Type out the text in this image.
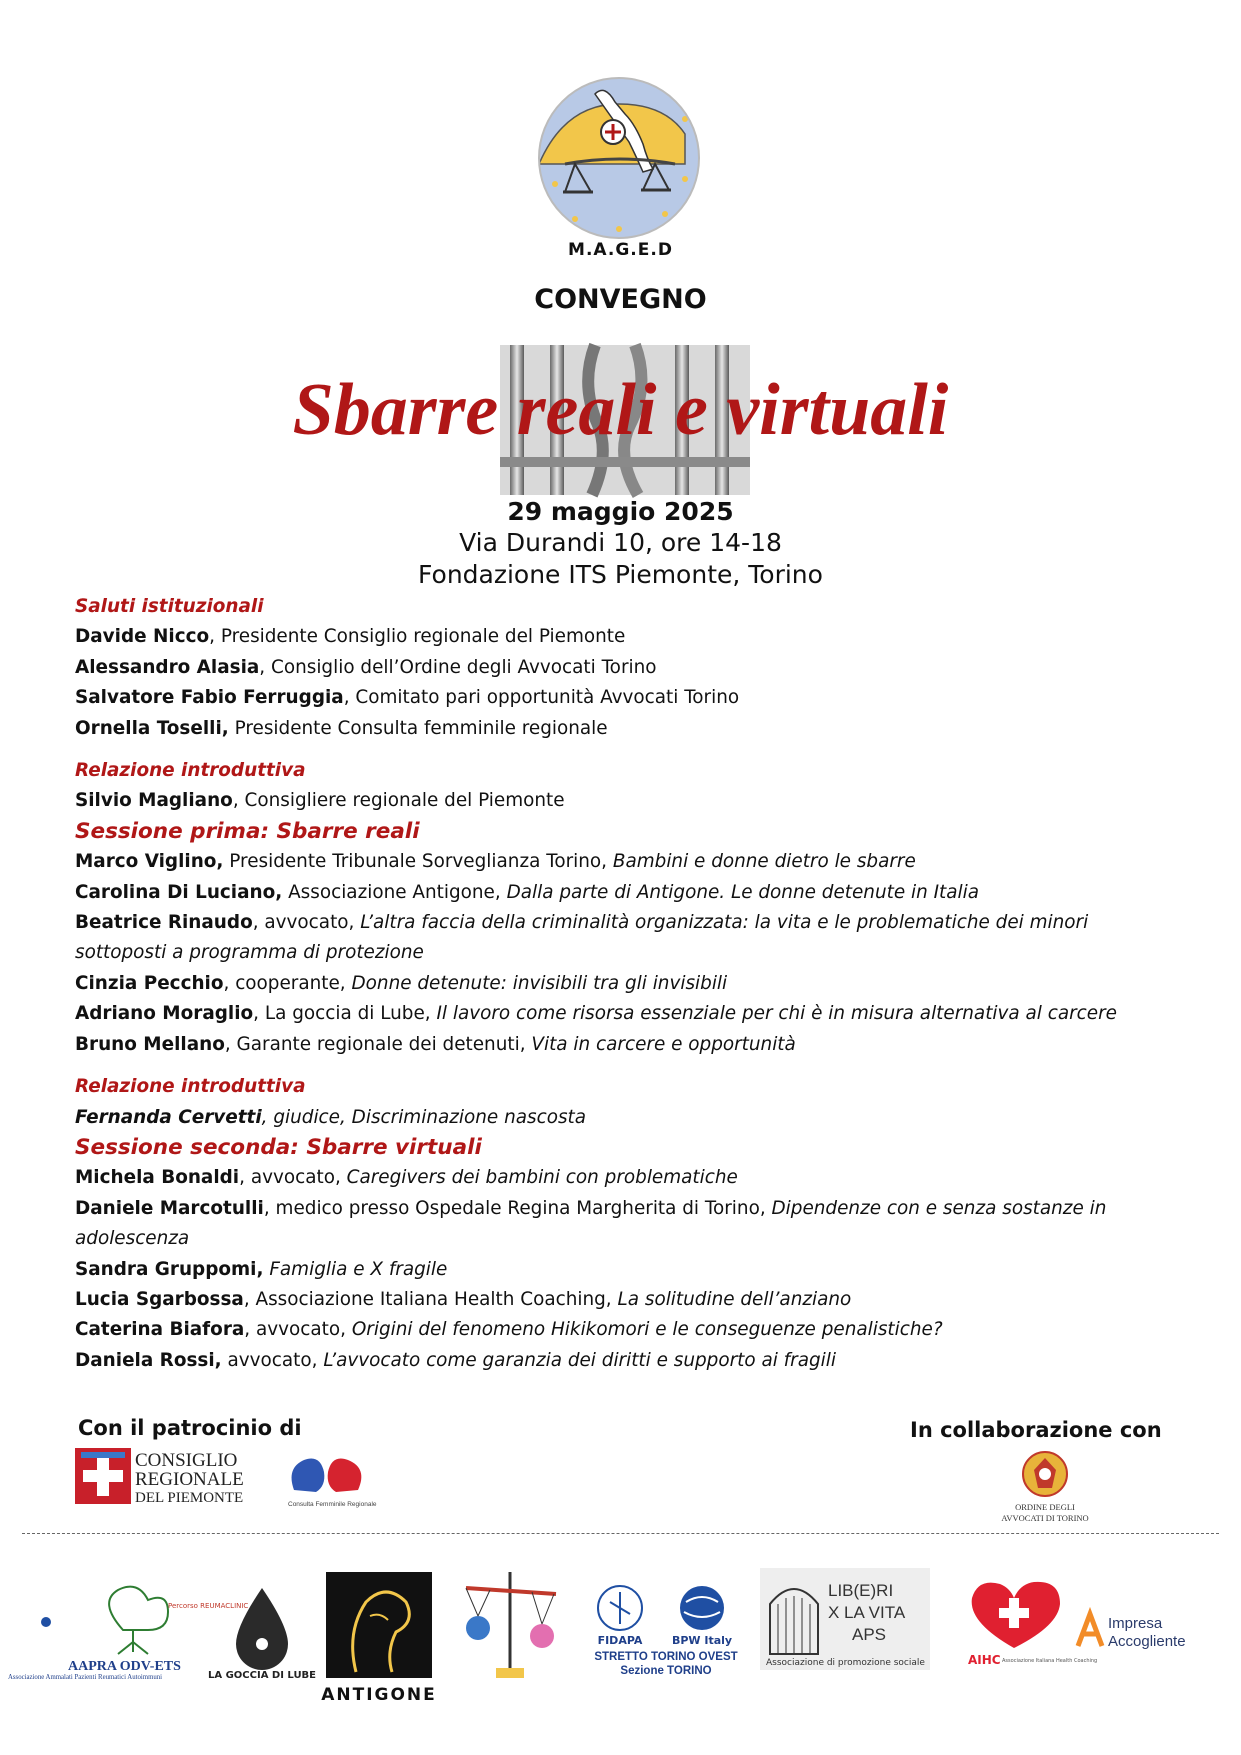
M.A.G.E.D
CONVEGNO
Sbarre reali e virtuali
29 maggio 2025
Via Durandi 10, ore 14-18
Fondazione ITS Piemonte, Torino
Saluti istituzionali
Davide Nicco, Presidente Consiglio regionale del Piemonte
Alessandro Alasia, Consiglio dell’Ordine degli Avvocati Torino
Salvatore Fabio Ferruggia, Comitato pari opportunità Avvocati Torino
Ornella Toselli, Presidente Consulta femminile regionale
Relazione introduttiva
Silvio Magliano, Consigliere regionale del Piemonte
Sessione prima: Sbarre reali
Marco Viglino, Presidente Tribunale Sorveglianza Torino, Bambini e donne dietro le sbarre
Carolina Di Luciano, Associazione Antigone, Dalla parte di Antigone. Le donne detenute in Italia
Beatrice Rinaudo, avvocato, L’altra faccia della criminalità organizzata: la vita e le problematiche dei minori sottoposti a programma di protezione
Cinzia Pecchio, cooperante, Donne detenute: invisibili tra gli invisibili
Adriano Moraglio, La goccia di Lube, Il lavoro come risorsa essenziale per chi è in misura alternativa al carcere
Bruno Mellano, Garante regionale dei detenuti, Vita in carcere e opportunità
Relazione introduttiva
Fernanda Cervetti, giudice, Discriminazione nascosta
Sessione seconda: Sbarre virtuali
Michela Bonaldi, avvocato, Caregivers dei bambini con problematiche
Daniele Marcotulli, medico presso Ospedale Regina Margherita di Torino, Dipendenze con e senza sostanze in adolescenza
Sandra Gruppomi, Famiglia e X fragile
Lucia Sgarbossa, Associazione Italiana Health Coaching, La solitudine dell’anziano
Caterina Biafora, avvocato, Origini del fenomeno Hikikomori e le conseguenze penalistiche?
Daniela Rossi, avvocato, L’avvocato come garanzia dei diritti e supporto ai fragili
Con il patrocinio di	In collaborazione con
CONSIGLIO
REGIONALE
DEL PIEMONTE	Consulta Femminile Regionale	ORDINE DEGLI
AVVOCATI DI TORINO
Percorso REUMACLINIC
AAPRA ODV-ETS
Associazione Ammalati Pazienti Reumatici Autoimmuni	LA GOCCIA DI LUBE
ANTIGONE
FIDAPA	BPW Italy
STRETTO TORINO OVEST
Sezione TORINO
LIB(E)RI
X LA VITA
APS
Associazione di promozione sociale	AIHC Associazione Italiana Health Coaching
Impresa
Accogliente
